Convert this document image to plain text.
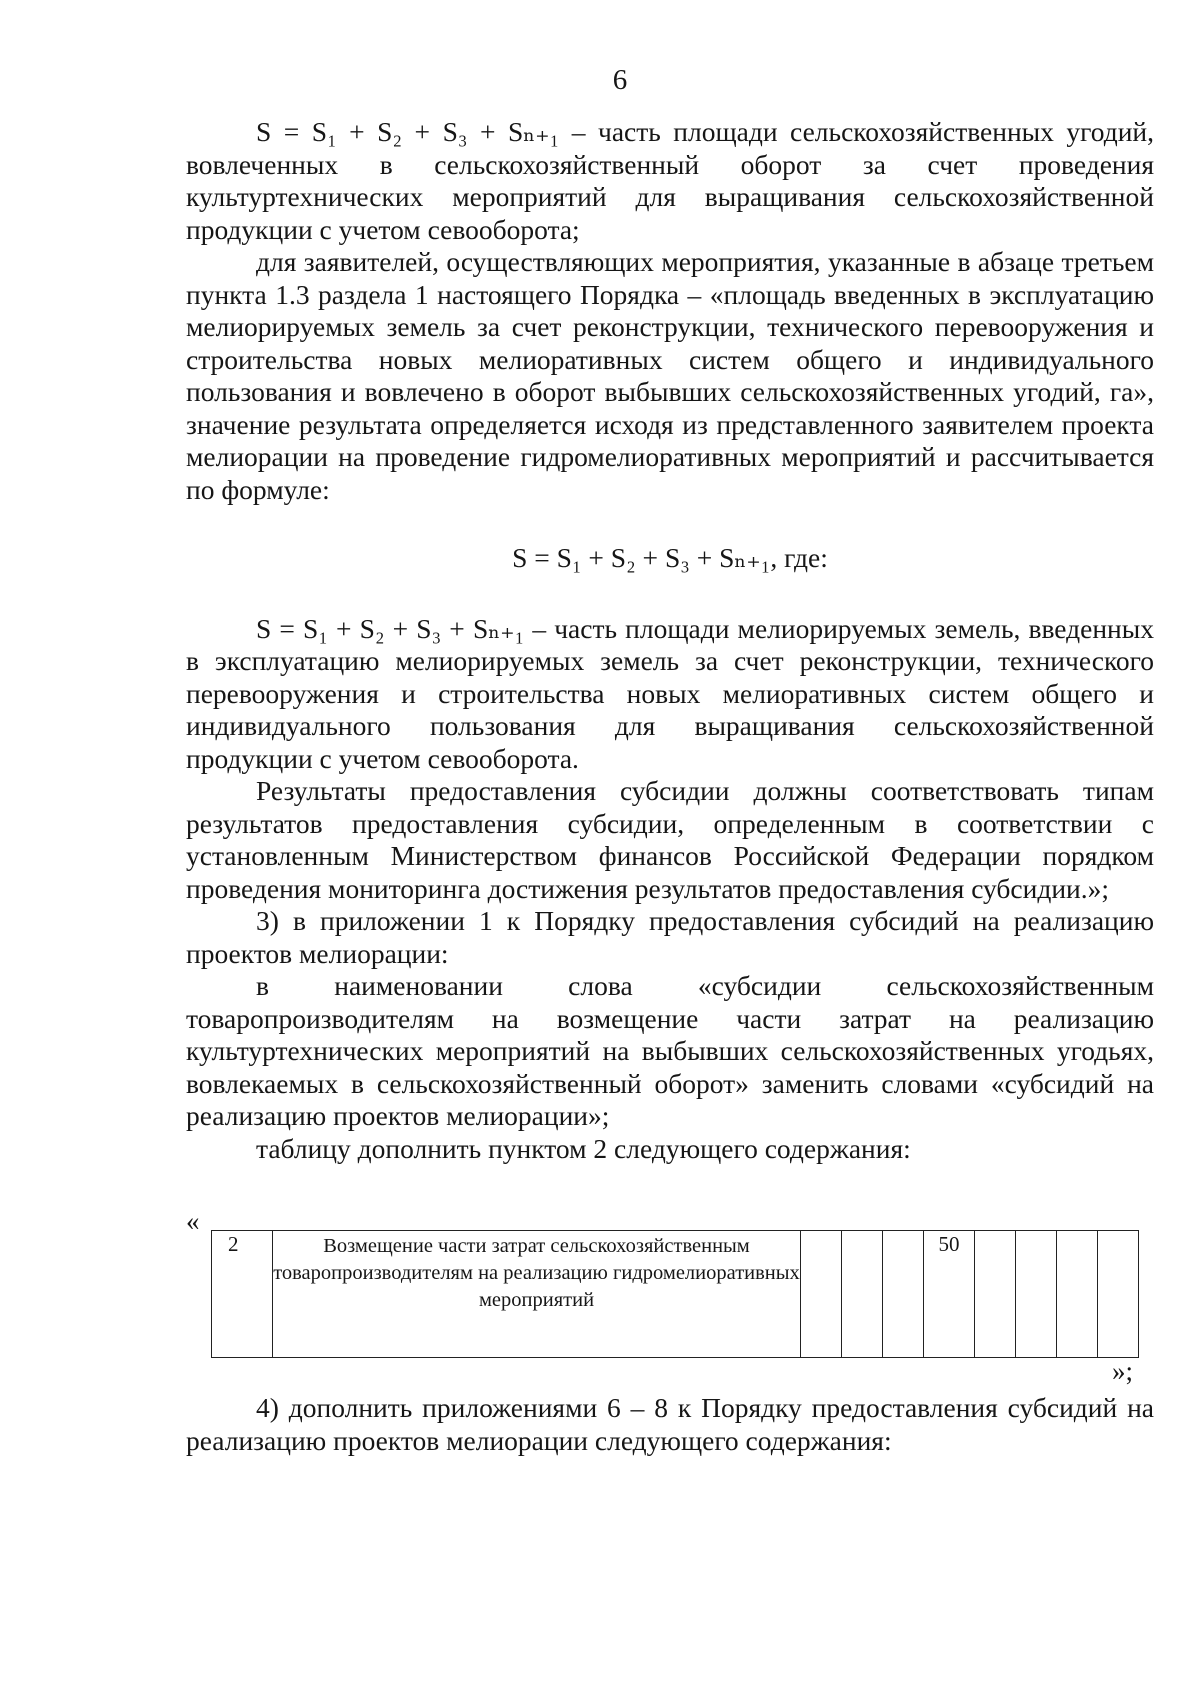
6

S = S₁ + S₂ + S₃ + Sₙ₊₁ – часть площади сельскохозяйственных угодий, вовлеченных в сельскохозяйственный оборот за счет проведения культуртехнических мероприятий для выращивания сельскохозяйственной продукции с учетом севооборота;

для заявителей, осуществляющих мероприятия, указанные в абзаце третьем пункта 1.3 раздела 1 настоящего Порядка – «площадь введенных в эксплуатацию мелиорируемых земель за счет реконструкции, технического перевооружения и строительства новых мелиоративных систем общего и индивидуального пользования и вовлечено в оборот выбывших сельскохозяйственных угодий, га», значение результата определяется исходя из представленного заявителем проекта мелиорации на проведение гидромелиоративных мероприятий и рассчитывается по формуле:

S = S₁ + S₂ + S₃ + Sₙ₊₁, где:

S = S₁ + S₂ + S₃ + Sₙ₊₁ – часть площади мелиорируемых земель, введенных в эксплуатацию мелиорируемых земель за счет реконструкции, технического перевооружения и строительства новых мелиоративных систем общего и индивидуального пользования для выращивания сельскохозяйственной продукции с учетом севооборота.

Результаты предоставления субсидии должны соответствовать типам результатов предоставления субсидии, определенным в соответствии с установленным Министерством финансов Российской Федерации порядком проведения мониторинга достижения результатов предоставления субсидии.»;

3) в приложении 1 к Порядку предоставления субсидий на реализацию проектов мелиорации:

в наименовании слова «субсидии сельскохозяйственным товаропроизводителям на возмещение части затрат на реализацию культуртехнических мероприятий на выбывших сельскохозяйственных угодьях, вовлекаемых в сельскохозяйственный оборот» заменить словами «субсидий на реализацию проектов мелиорации»;

таблицу дополнить пунктом 2 следующего содержания:

«
2	Возмещение части затрат сельскохозяйственным товаропроизводителям на реализацию гидромелиоративных мероприятий				50				
»;

4) дополнить приложениями 6 – 8 к Порядку предоставления субсидий на реализацию проектов мелиорации следующего содержания:
